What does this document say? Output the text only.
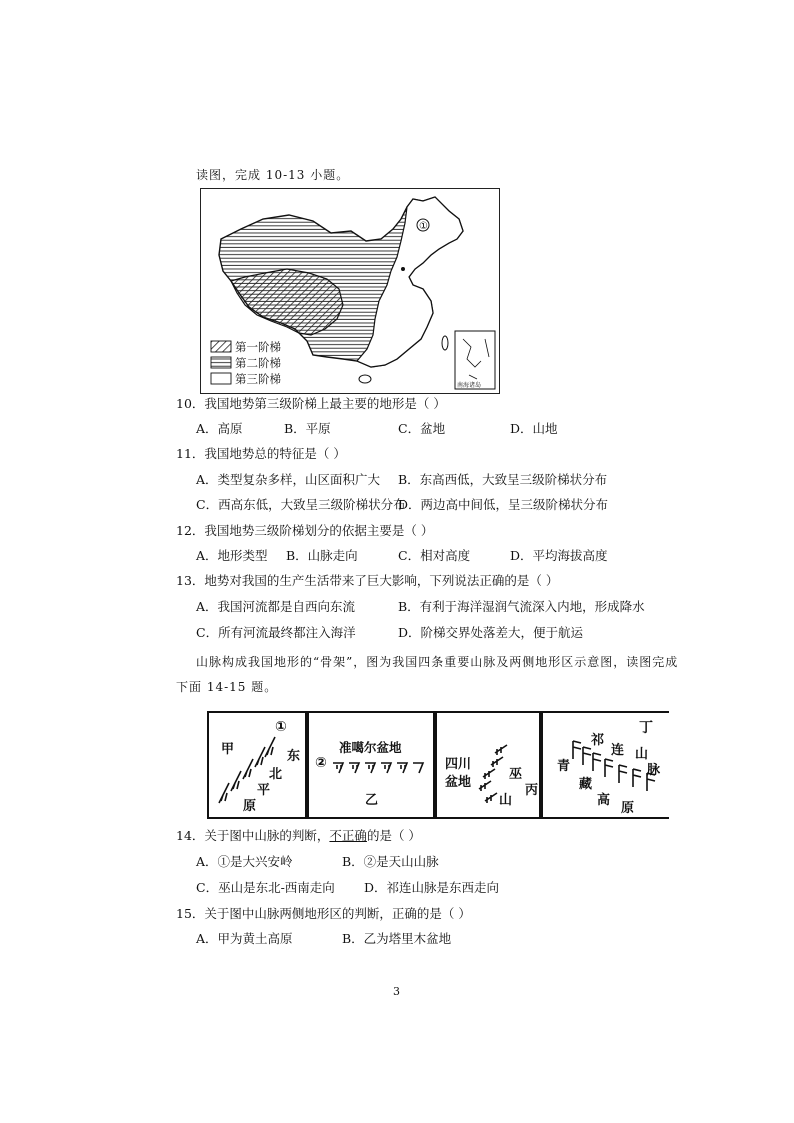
读图，完成 10-13 小题。
①
第一阶梯
第二阶梯
第三阶梯	南海诸岛
10．我国地势第三级阶梯上最主要的地形是（ ）
A．高原	B．平原	C．盆地	D．山地
11．我国地势总的特征是（ ）
A．类型复杂多样，山区面积广大 B．东高西低，大致呈三级阶梯状分布
C．西高东低，大致呈三级阶梯状分布
D．两边高中间低，呈三级阶梯状分布
12．我国地势三级阶梯划分的依据主要是（ ）
A．地形类型 B．山脉走向	C．相对高度	D．平均海拔高度
13．地势对我国的生产生活带来了巨大影响，下列说法正确的是（ ）
A．我国河流都是自西向东流	B．有利于海洋湿润气流深入内地，形成降水
C．所有河流最终都注入海洋	D．阶梯交界处落差大，便于航运
山脉构成我国地形的“骨架”，图为我国四条重要山脉及两侧地形区示意图，读图完成
下面 14-15 题。
甲
①
东
北
平
原
②
准噶尔盆地
乙
四川
盆地
巫
山
丙
丁
祁
连 山
脉
青
藏
高
原
14．关于图中山脉的判断，不正确的是（ ）
A．①是大兴安岭	B．②是天山山脉
C．巫山是东北-西南走向 D．祁连山脉是东西走向
15．关于图中山脉两侧地形区的判断，正确的是（ ）
A．甲为黄土高原	B．乙为塔里木盆地
3
